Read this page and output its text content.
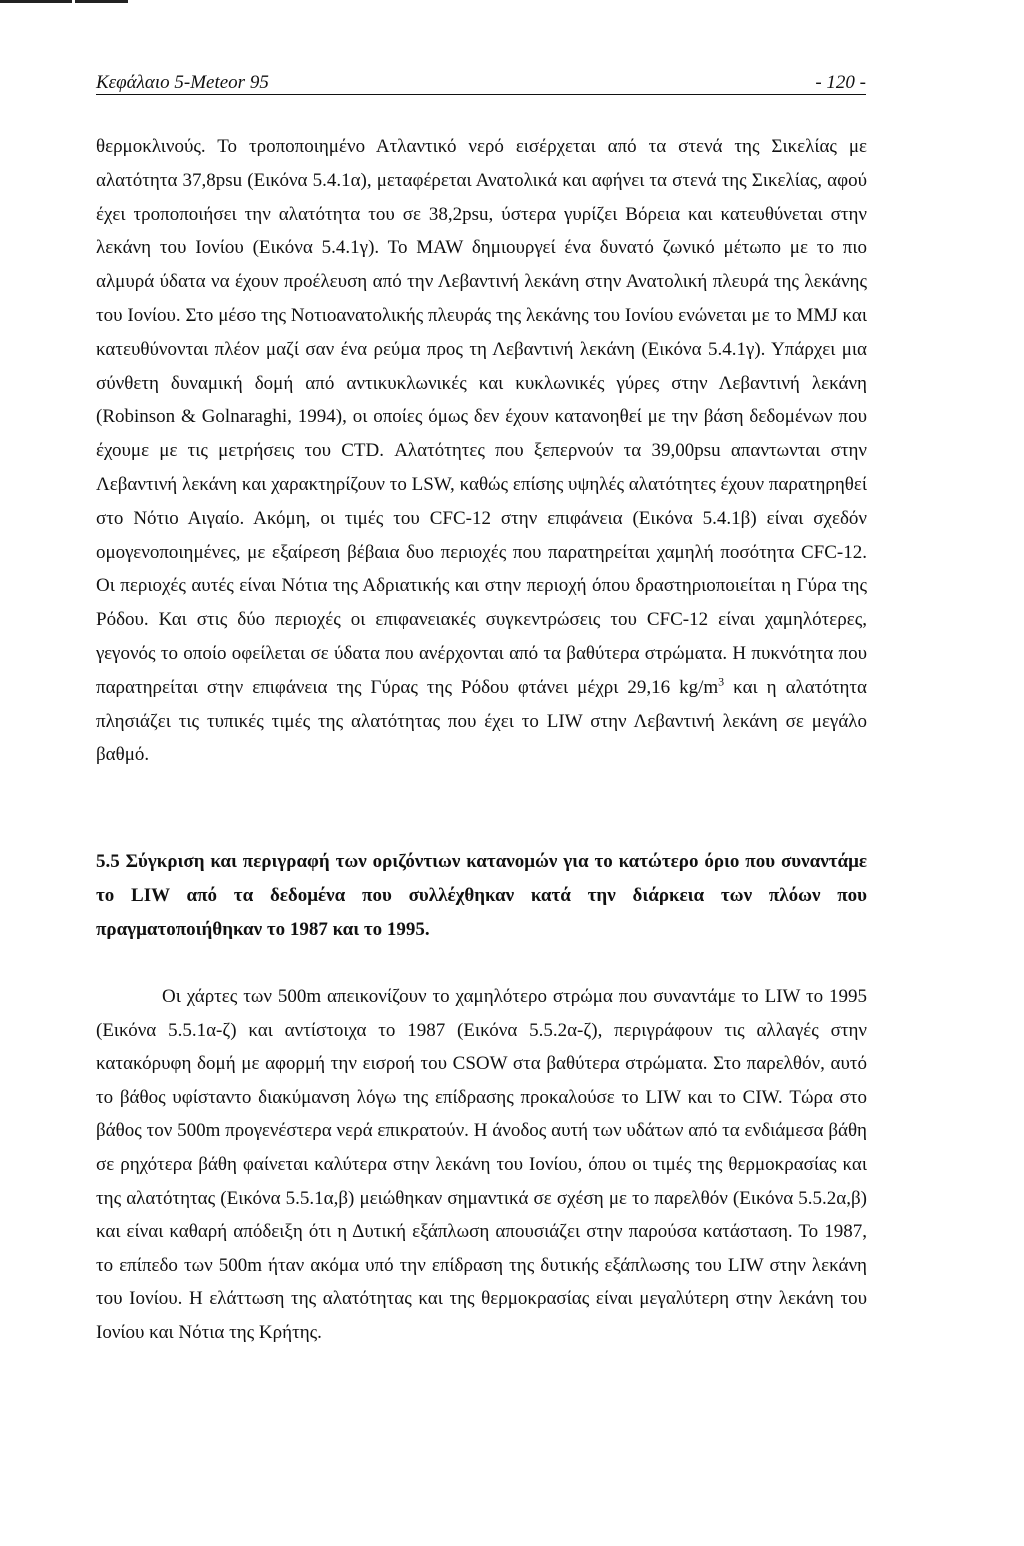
Κεφάλαιο 5-Meteor 95	- 120 -

θερμοκλινούς. Το τροποποιημένο Ατλαντικό νερό εισέρχεται από τα στενά της Σικελίας με αλατότητα 37,8psu (Εικόνα 5.4.1α), μεταφέρεται Ανατολικά και αφήνει τα στενά της Σικελίας, αφού έχει τροποποιήσει την αλατότητα του σε 38,2psu, ύστερα γυρίζει Βόρεια και κατευθύνεται στην λεκάνη του Ιονίου (Εικόνα 5.4.1γ). Το MAW δημιουργεί ένα δυνατό ζωνικό μέτωπο με το πιο αλμυρά ύδατα να έχουν προέλευση από την Λεβαντινή λεκάνη στην Ανατολική πλευρά της λεκάνης του Ιονίου. Στο μέσο της Νοτιοανατολικής πλευράς της λεκάνης του Ιονίου ενώνεται με το MMJ και κατευθύνονται πλέον μαζί σαν ένα ρεύμα προς τη Λεβαντινή λεκάνη (Εικόνα 5.4.1γ). Υπάρχει μια σύνθετη δυναμική δομή από αντικυκλωνικές και κυκλωνικές γύρες στην Λεβαντινή λεκάνη (Robinson & Golnaraghi, 1994), οι οποίες όμως δεν έχουν κατανοηθεί με την βάση δεδομένων που έχουμε με τις μετρήσεις του CTD. Αλατότητες που ξεπερνούν τα 39,00psu απαντωνται στην Λεβαντινή λεκάνη και χαρακτηρίζουν το LSW, καθώς επίσης υψηλές αλατότητες έχουν παρατηρηθεί στο Νότιο Αιγαίο. Ακόμη, οι τιμές του CFC-12 στην επιφάνεια (Εικόνα 5.4.1β) είναι σχεδόν ομογενοποιημένες, με εξαίρεση βέβαια δυο περιοχές που παρατηρείται χαμηλή ποσότητα CFC-12. Οι περιοχές αυτές είναι Νότια της Αδριατικής και στην περιοχή όπου δραστηριοποιείται η Γύρα της Ρόδου. Και στις δύο περιοχές οι επιφανειακές συγκεντρώσεις του CFC-12 είναι χαμηλότερες, γεγονός το οποίο οφείλεται σε ύδατα που ανέρχονται από τα βαθύτερα στρώματα. Η πυκνότητα που παρατηρείται στην επιφάνεια της Γύρας της Ρόδου φτάνει μέχρι 29,16 $kg/m^3$ και η αλατότητα πλησιάζει τις τυπικές τιμές της αλατότητας που έχει το LIW στην Λεβαντινή λεκάνη σε μεγάλο βαθμό.

5.5 Σύγκριση και περιγραφή των οριζόντιων κατανομών για το κατώτερο όριο που συναντάμε το LIW από τα δεδομένα που συλλέχθηκαν κατά την διάρκεια των πλόων που πραγματοποιήθηκαν το 1987 και το 1995.

Οι χάρτες των 500m απεικονίζουν το χαμηλότερο στρώμα που συναντάμε το LIW το 1995 (Εικόνα 5.5.1α-ζ) και αντίστοιχα το 1987 (Εικόνα 5.5.2α-ζ), περιγράφουν τις αλλαγές στην κατακόρυφη δομή με αφορμή την εισροή του CSOW στα βαθύτερα στρώματα. Στο παρελθόν, αυτό το βάθος υφίσταντο διακύμανση λόγω της επίδρασης προκαλούσε το LIW και το CIW. Τώρα στο βάθος τον 500m προγενέστερα νερά επικρατούν. Η άνοδος αυτή των υδάτων από τα ενδιάμεσα βάθη σε ρηχότερα βάθη φαίνεται καλύτερα στην λεκάνη του Ιονίου, όπου οι τιμές της θερμοκρασίας και της αλατότητας (Εικόνα 5.5.1α,β) μειώθηκαν σημαντικά σε σχέση με το παρελθόν (Εικόνα 5.5.2α,β) και είναι καθαρή απόδειξη ότι η Δυτική εξάπλωση απουσιάζει στην παρούσα κατάσταση. Το 1987, το επίπεδο των 500m ήταν ακόμα υπό την επίδραση της δυτικής εξάπλωσης του LIW στην λεκάνη του Ιονίου. Η ελάττωση της αλατότητας και της θερμοκρασίας είναι μεγαλύτερη στην λεκάνη του Ιονίου και Νότια της Κρήτης.
